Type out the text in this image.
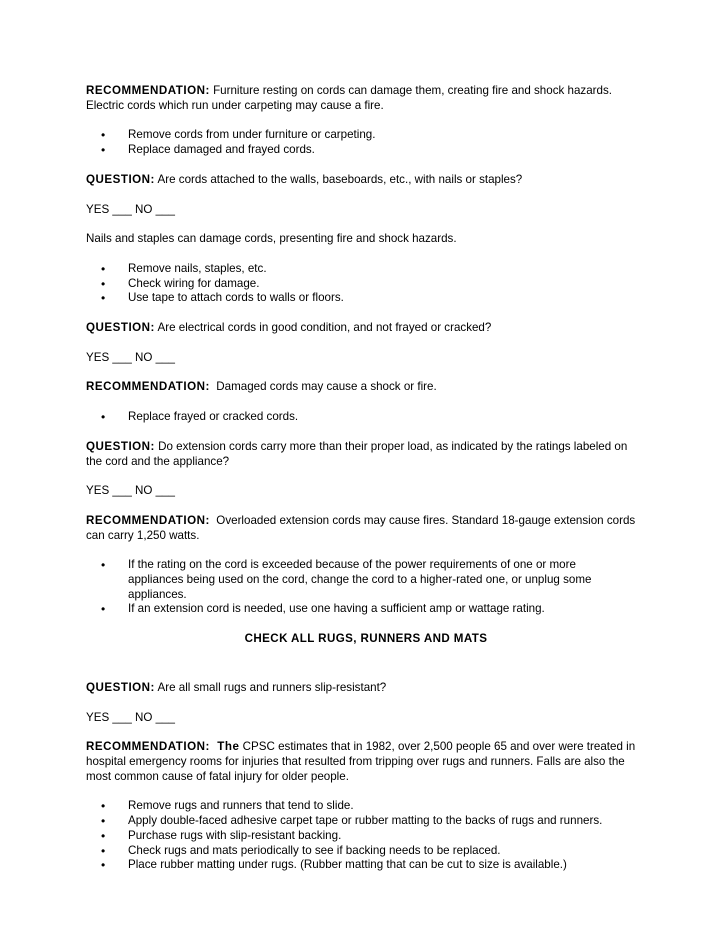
RECOMMENDATION: Furniture resting on cords can damage them, creating fire and shock hazards. Electric cords which run under carpeting may cause a fire.

• Remove cords from under furniture or carpeting.
• Replace damaged and frayed cords.

QUESTION: Are cords attached to the walls, baseboards, etc., with nails or staples?

YES ___ NO ___

Nails and staples can damage cords, presenting fire and shock hazards.

• Remove nails, staples, etc.
• Check wiring for damage.
• Use tape to attach cords to walls or floors.

QUESTION: Are electrical cords in good condition, and not frayed or cracked?

YES ___ NO ___

RECOMMENDATION:  Damaged cords may cause a shock or fire.

• Replace frayed or cracked cords.

QUESTION: Do extension cords carry more than their proper load, as indicated by the ratings labeled on the cord and the appliance?

YES ___ NO ___

RECOMMENDATION:  Overloaded extension cords may cause fires. Standard 18-gauge extension cords can carry 1,250 watts.

• If the rating on the cord is exceeded because of the power requirements of one or more appliances being used on the cord, change the cord to a higher-rated one, or unplug some appliances.
• If an extension cord is needed, use one having a sufficient amp or wattage rating.

CHECK ALL RUGS, RUNNERS AND MATS

QUESTION: Are all small rugs and runners slip-resistant?

YES ___ NO ___

RECOMMENDATION:  The CPSC estimates that in 1982, over 2,500 people 65 and over were treated in hospital emergency rooms for injuries that resulted from tripping over rugs and runners. Falls are also the most common cause of fatal injury for older people.

• Remove rugs and runners that tend to slide.
• Apply double-faced adhesive carpet tape or rubber matting to the backs of rugs and runners.
• Purchase rugs with slip-resistant backing.
• Check rugs and mats periodically to see if backing needs to be replaced.
• Place rubber matting under rugs. (Rubber matting that can be cut to size is available.)
